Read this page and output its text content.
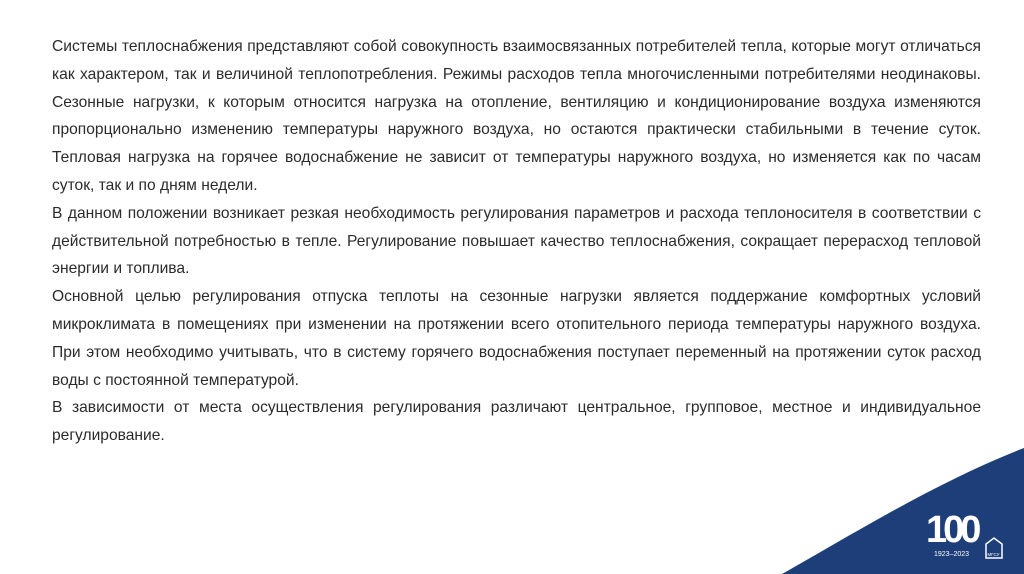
Системы теплоснабжения представляют собой совокупность взаимосвязанных потребителей тепла, которые могут отличаться как характером, так и величиной теплопотребления. Режимы расходов тепла многочисленными потребителями неодинаковы. Сезонные нагрузки, к которым относится нагрузка на отопление, вентиляцию и кондиционирование воздуха изменяются пропорционально изменению температуры наружного воздуха, но остаются практически стабильными в течение суток. Тепловая нагрузка на горячее водоснабжение не зависит от температуры наружного воздуха, но изменяется как по часам суток, так и по дням недели.

В данном положении возникает резкая необходимость регулирования параметров и расхода теплоносителя в соответствии с действительной потребностью в тепле. Регулирование повышает качество теплоснабжения, сокращает перерасход тепловой энергии и топлива.

Основной целью регулирования отпуска теплоты на сезонные нагрузки является поддержание комфортных условий микроклимата в помещениях при изменении на протяжении всего отопительного периода температуры наружного воздуха. При этом необходимо учитывать, что в систему горячего водоснабжения поступает переменный на протяжении суток расход воды с постоянной температурой.

В зависимости от места осуществления регулирования различают центральное, групповое, местное и индивидуальное регулирование.

100
1923–2023	МГСУ
